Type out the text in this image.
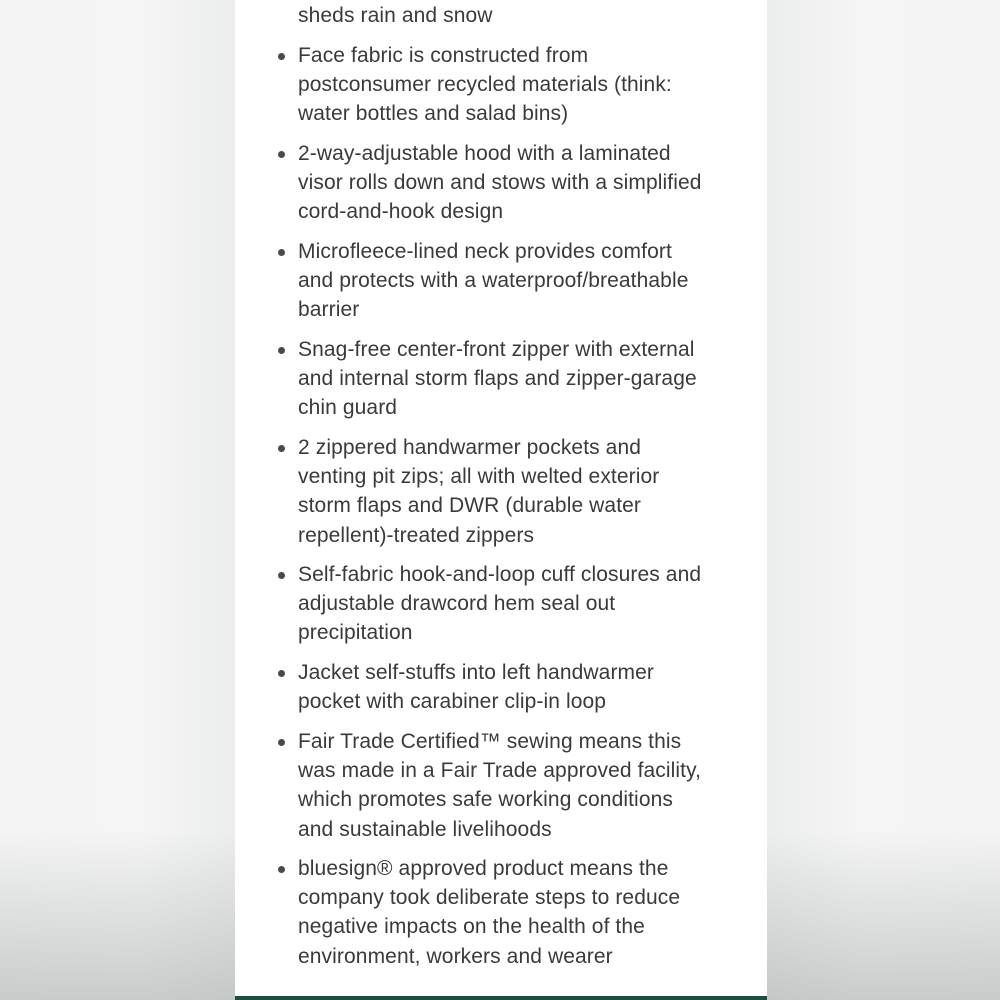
sheds rain and snow

Face fabric is constructed from
postconsumer recycled materials (think:
water bottles and salad bins)

2-way-adjustable hood with a laminated
visor rolls down and stows with a simplified
cord-and-hook design

Microfleece-lined neck provides comfort
and protects with a waterproof/breathable
barrier

Snag-free center-front zipper with external
and internal storm flaps and zipper-garage
chin guard

2 zippered handwarmer pockets and
venting pit zips; all with welted exterior
storm flaps and DWR (durable water
repellent)-treated zippers

Self-fabric hook-and-loop cuff closures and
adjustable drawcord hem seal out
precipitation

Jacket self-stuffs into left handwarmer
pocket with carabiner clip-in loop

Fair Trade Certified™ sewing means this
was made in a Fair Trade approved facility,
which promotes safe working conditions
and sustainable livelihoods

bluesign® approved product means the
company took deliberate steps to reduce
negative impacts on the health of the
environment, workers and wearer
